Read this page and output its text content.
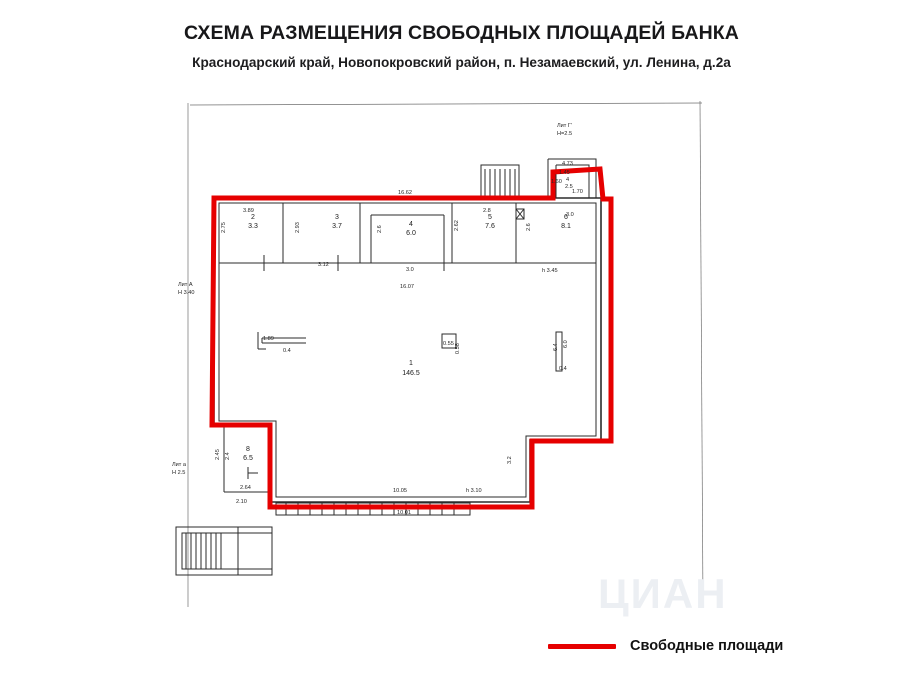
СХЕМА РАЗМЕЩЕНИЯ СВОБОДНЫХ ПЛОЩАДЕЙ БАНКА
Краснодарский край, Новопокровский район, п. Незамаевский, ул. Ленина, д.2а
2
3.3
3
3.7	4
6.0
5
7.6
6
8.1
1
146.5
8
6.5
Лит Г'
Н=2.5
4.73
1.45
1.60 4
2.5
1.70
16.62
3.89	2.8
3.0
2.75	2.93	2.6	2.62	2.6
3.12
3.0	h 3.45
Лит А
Н 3.40
16.07
1.89
0.4
0.55 0.58	6.4 6.0
0.4
2.45 2.4
Лит а
Н 2.5
3.2
2.64
2.10
10.05	h 3.10
10.01
ЦИАН
Свободные площади
